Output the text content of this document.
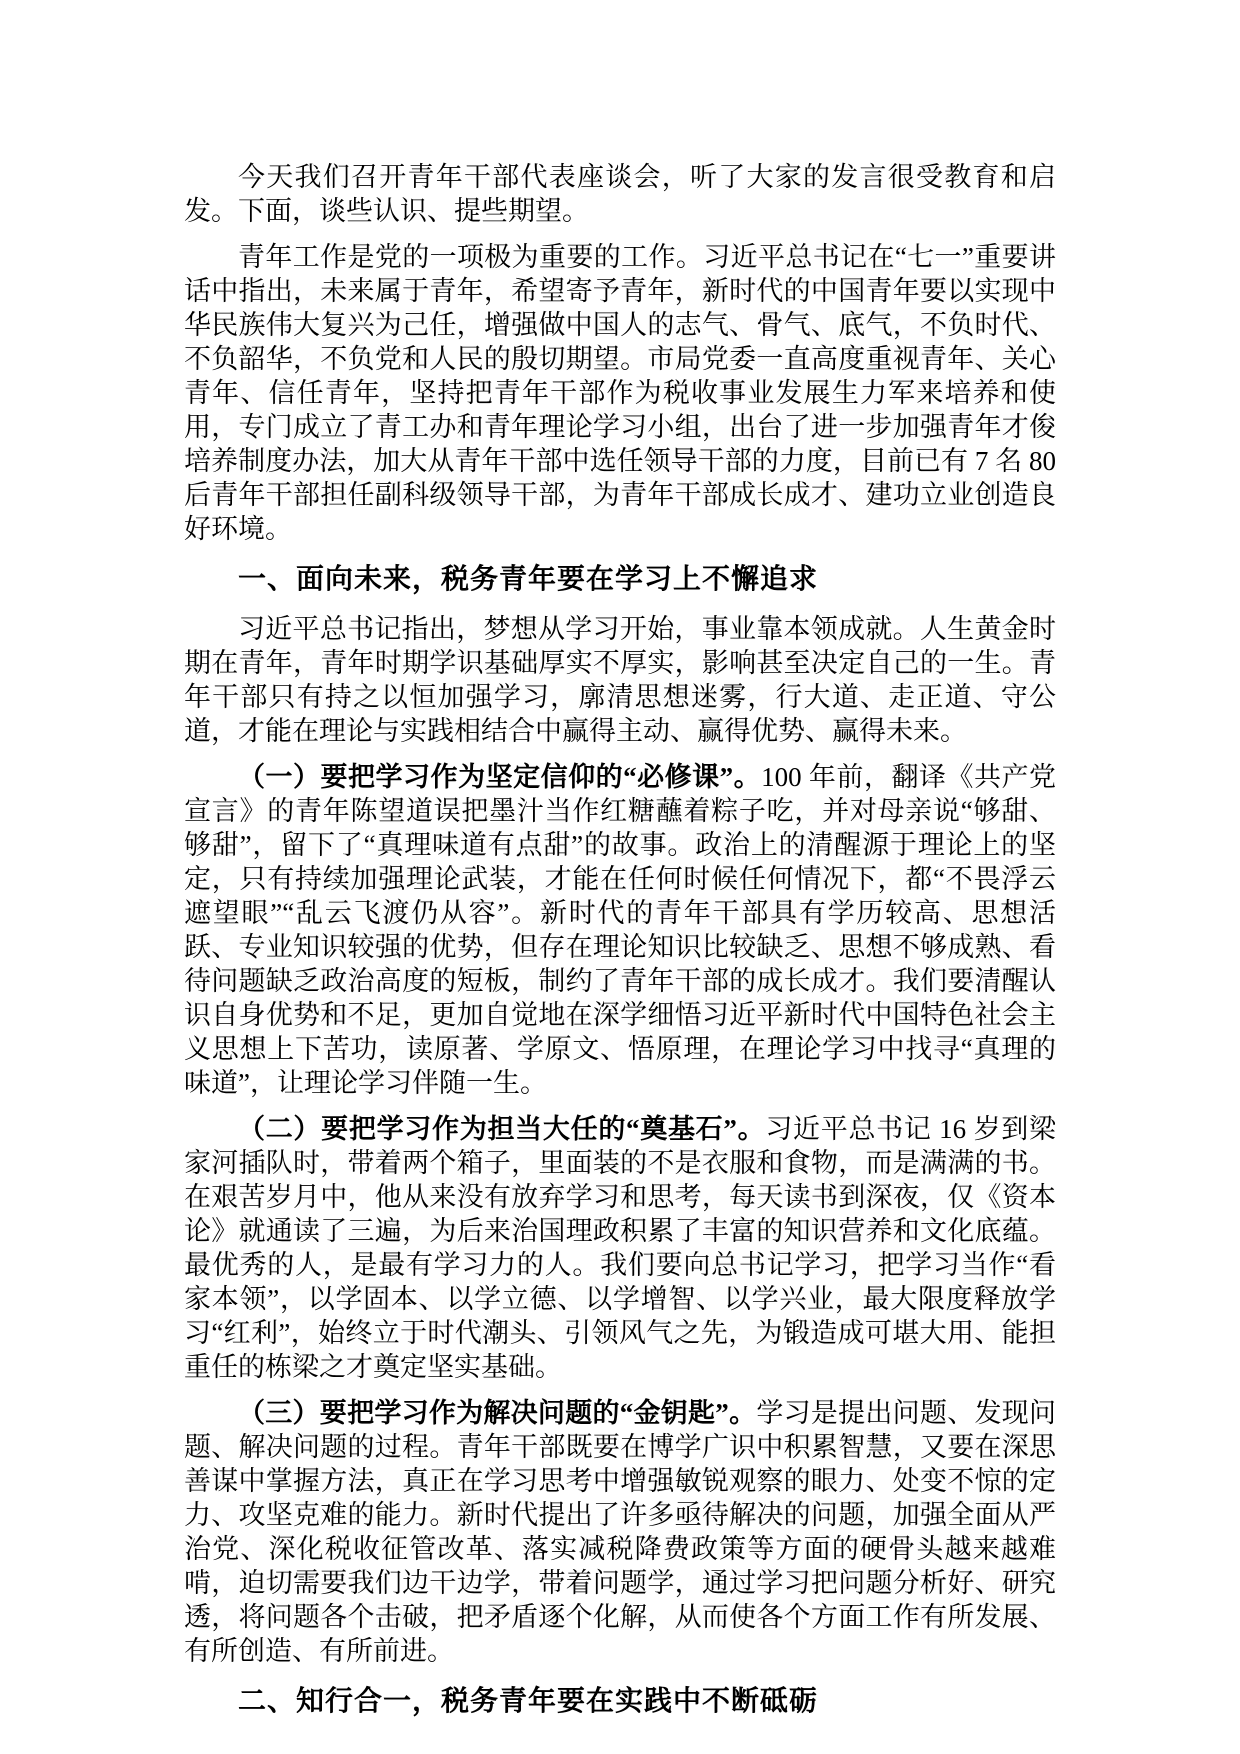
今天我们召开青年干部代表座谈会，听了大家的发言很受教育和启发。下面，谈些认识、提些期望。

青年工作是党的一项极为重要的工作。习近平总书记在“七一”重要讲话中指出，未来属于青年，希望寄予青年，新时代的中国青年要以实现中华民族伟大复兴为己任，增强做中国人的志气、骨气、底气，不负时代、不负韶华，不负党和人民的殷切期望。市局党委一直高度重视青年、关心青年、信任青年，坚持把青年干部作为税收事业发展生力军来培养和使用，专门成立了青工办和青年理论学习小组，出台了进一步加强青年才俊培养制度办法，加大从青年干部中选任领导干部的力度，目前已有 7 名 80 后青年干部担任副科级领导干部，为青年干部成长成才、建功立业创造良好环境。

一、面向未来，税务青年要在学习上不懈追求

习近平总书记指出，梦想从学习开始，事业靠本领成就。人生黄金时期在青年，青年时期学识基础厚实不厚实，影响甚至决定自己的一生。青年干部只有持之以恒加强学习，廓清思想迷雾，行大道、走正道、守公道，才能在理论与实践相结合中赢得主动、赢得优势、赢得未来。

（一）要把学习作为坚定信仰的“必修课”。100 年前，翻译《共产党宣言》的青年陈望道误把墨汁当作红糖蘸着粽子吃，并对母亲说“够甜、够甜”，留下了“真理味道有点甜”的故事。政治上的清醒源于理论上的坚定，只有持续加强理论武装，才能在任何时候任何情况下，都“不畏浮云遮望眼”“乱云飞渡仍从容”。新时代的青年干部具有学历较高、思想活跃、专业知识较强的优势，但存在理论知识比较缺乏、思想不够成熟、看待问题缺乏政治高度的短板，制约了青年干部的成长成才。我们要清醒认识自身优势和不足，更加自觉地在深学细悟习近平新时代中国特色社会主义思想上下苦功，读原著、学原文、悟原理，在理论学习中找寻“真理的味道”，让理论学习伴随一生。

（二）要把学习作为担当大任的“奠基石”。习近平总书记 16 岁到梁家河插队时，带着两个箱子，里面装的不是衣服和食物，而是满满的书。在艰苦岁月中，他从来没有放弃学习和思考，每天读书到深夜，仅《资本论》就通读了三遍，为后来治国理政积累了丰富的知识营养和文化底蕴。最优秀的人，是最有学习力的人。我们要向总书记学习，把学习当作“看家本领”，以学固本、以学立德、以学增智、以学兴业，最大限度释放学习“红利”，始终立于时代潮头、引领风气之先，为锻造成可堪大用、能担重任的栋梁之才奠定坚实基础。

（三）要把学习作为解决问题的“金钥匙”。学习是提出问题、发现问题、解决问题的过程。青年干部既要在博学广识中积累智慧，又要在深思善谋中掌握方法，真正在学习思考中增强敏锐观察的眼力、处变不惊的定力、攻坚克难的能力。新时代提出了许多亟待解决的问题，加强全面从严治党、深化税收征管改革、落实减税降费政策等方面的硬骨头越来越难啃，迫切需要我们边干边学，带着问题学，通过学习把问题分析好、研究透，将问题各个击破，把矛盾逐个化解，从而使各个方面工作有所发展、有所创造、有所前进。

二、知行合一，税务青年要在实践中不断砥砺
